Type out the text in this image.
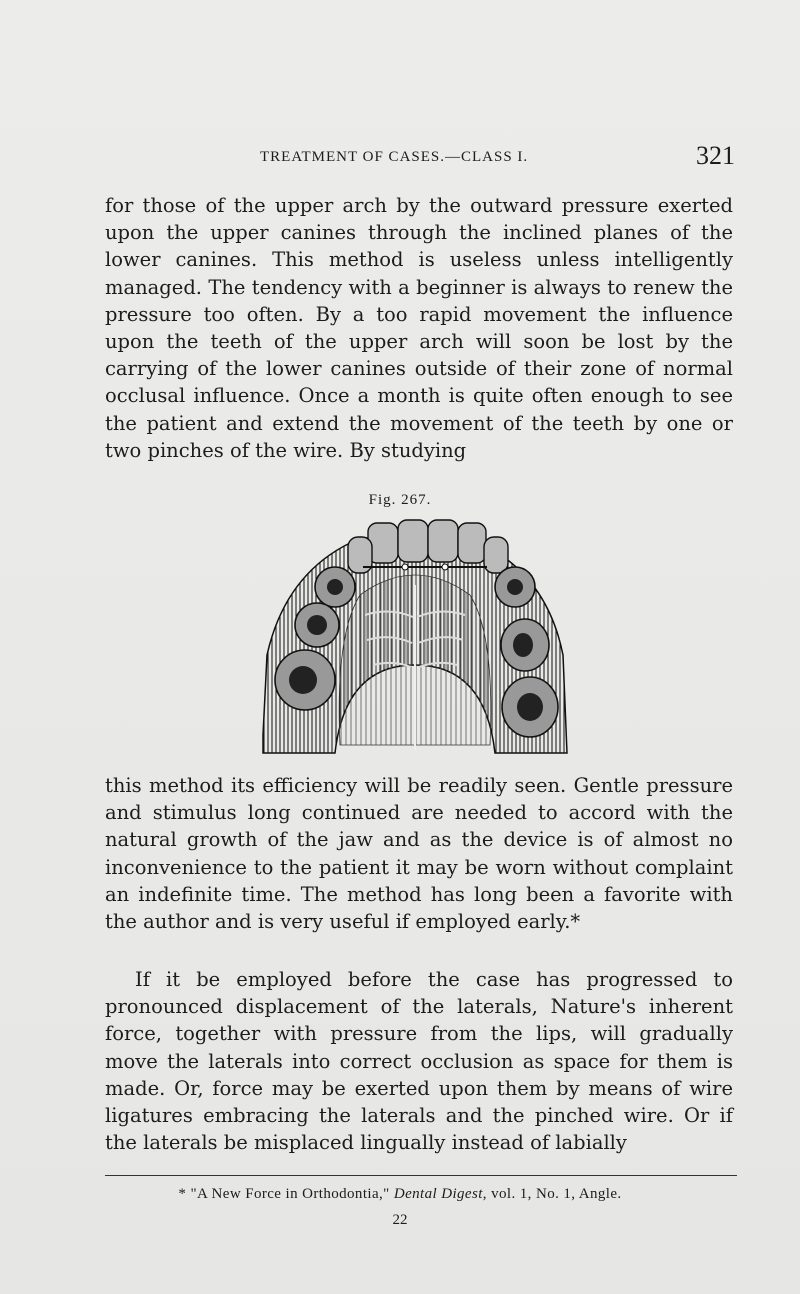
TREATMENT OF CASES.—CLASS I.	321

for those of the upper arch by the outward pressure exerted upon the upper canines through the inclined planes of the lower canines. This method is useless unless intelligently managed. The tendency with a beginner is always to renew the pressure too often. By a too rapid movement the influence upon the teeth of the upper arch will soon be lost by the carrying of the lower canines outside of their zone of normal occlusal influence. Once a month is quite often enough to see the patient and extend the movement of the teeth by one or two pinches of the wire. By studying

Fig. 267.

this method its efficiency will be readily seen. Gentle pressure and stimulus long continued are needed to accord with the natural growth of the jaw and as the device is of almost no inconvenience to the patient it may be worn without complaint an indefinite time. The method has long been a favorite with the author and is very useful if employed early.*

If it be employed before the case has progressed to pronounced displacement of the laterals, Nature's inherent force, together with pressure from the lips, will gradually move the laterals into correct occlusion as space for them is made. Or, force may be exerted upon them by means of wire ligatures embracing the laterals and the pinched wire. Or if the laterals be misplaced lingually instead of labially

* "A New Force in Orthodontia," Dental Digest, vol. 1, No. 1, Angle.
22
